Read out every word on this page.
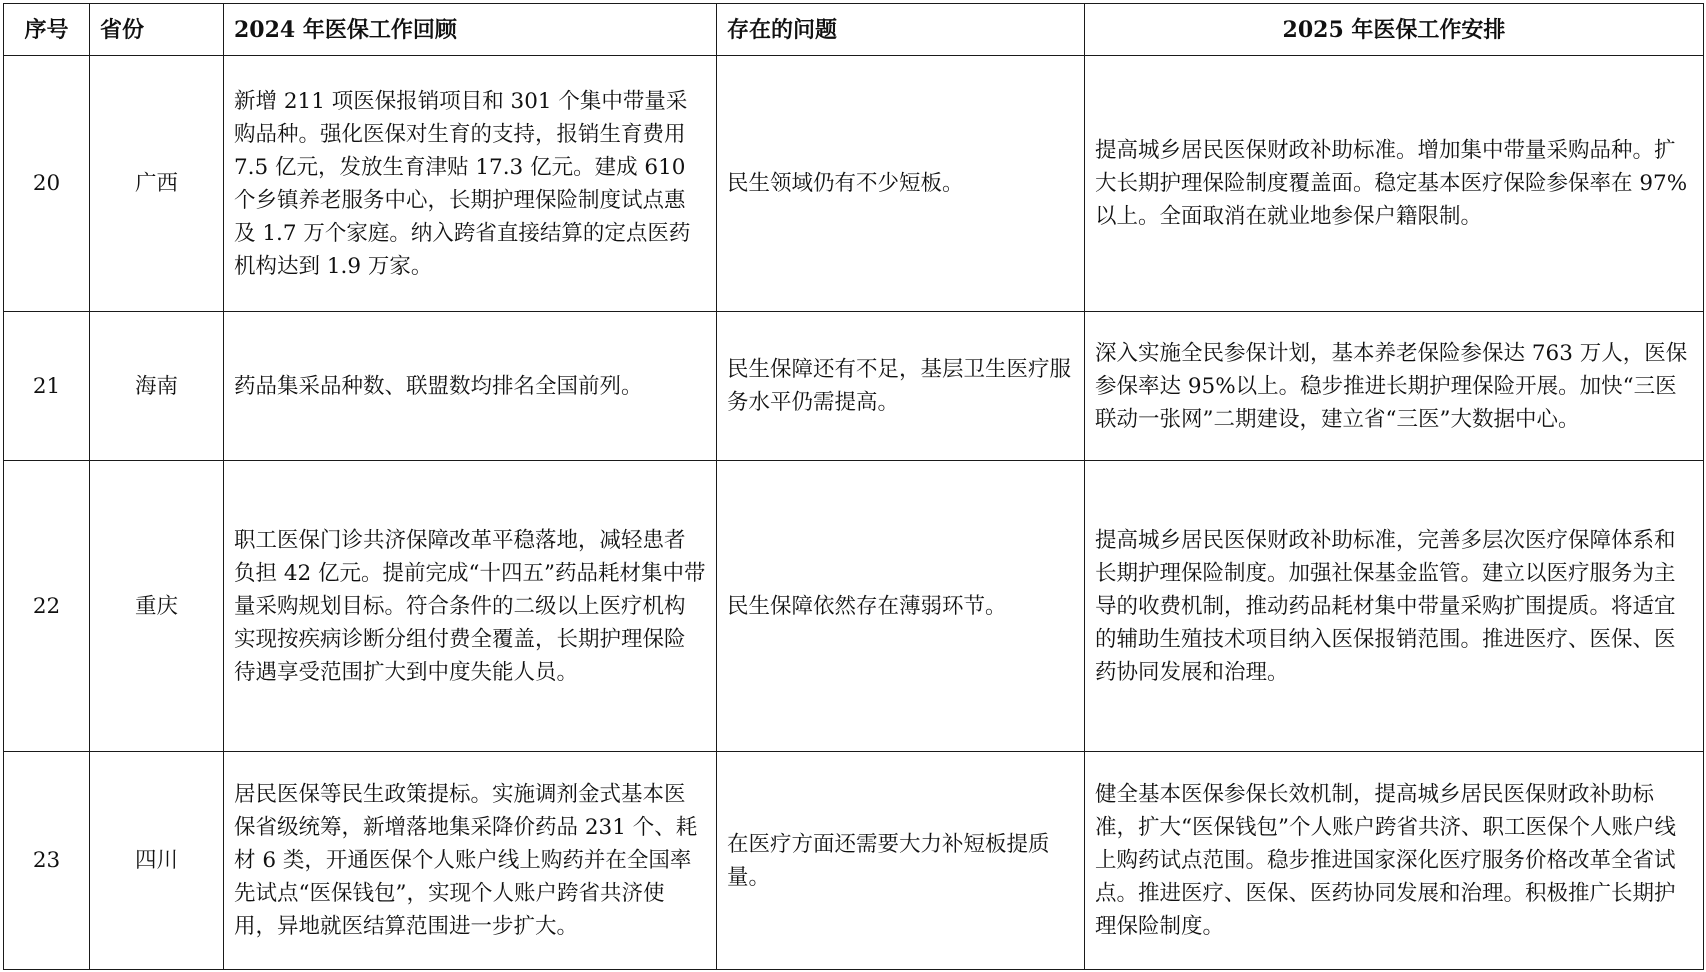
序号	省份	2024 年医保工作回顾	存在的问题	2025 年医保工作安排
20	广西	新增 211 项医保报销项目和 301 个集中带量采购品种。强化医保对生育的支持，报销生育费用 7.5 亿元，发放生育津贴 17.3 亿元。建成 610 个乡镇养老服务中心，长期护理保险制度试点惠及 1.7 万个家庭。纳入跨省直接结算的定点医药机构达到 1.9 万家。	民生领域仍有不少短板。	提高城乡居民医保财政补助标准。增加集中带量采购品种。扩大长期护理保险制度覆盖面。稳定基本医疗保险参保率在 97%以上。全面取消在就业地参保户籍限制。

21	海南	药品集采品种数、联盟数均排名全国前列。	民生保障还有不足，基层卫生医疗服务水平仍需提高。	深入实施全民参保计划，基本养老保险参保达 763 万人，医保参保率达 95%以上。稳步推进长期护理保险开展。加快“三医联动一张网”二期建设，建立省“三医”大数据中心。

22	重庆	职工医保门诊共济保障改革平稳落地，减轻患者负担 42 亿元。提前完成“十四五”药品耗材集中带量采购规划目标。符合条件的二级以上医疗机构实现按疾病诊断分组付费全覆盖，长期护理保险待遇享受范围扩大到中度失能人员。	民生保障依然存在薄弱环节。	提高城乡居民医保财政补助标准，完善多层次医疗保障体系和长期护理保险制度。加强社保基金监管。建立以医疗服务为主导的收费机制，推动药品耗材集中带量采购扩围提质。将适宜的辅助生殖技术项目纳入医保报销范围。推进医疗、医保、医药协同发展和治理。

23	四川	居民医保等民生政策提标。实施调剂金式基本医保省级统筹，新增落地集采降价药品 231 个、耗材 6 类，开通医保个人账户线上购药并在全国率先试点“医保钱包”，实现个人账户跨省共济使用，异地就医结算范围进一步扩大。	在医疗方面还需要大力补短板提质量。	健全基本医保参保长效机制，提高城乡居民医保财政补助标准，扩大“医保钱包”个人账户跨省共济、职工医保个人账户线上购药试点范围。稳步推进国家深化医疗服务价格改革全省试点。推进医疗、医保、医药协同发展和治理。积极推广长期护理保险制度。
